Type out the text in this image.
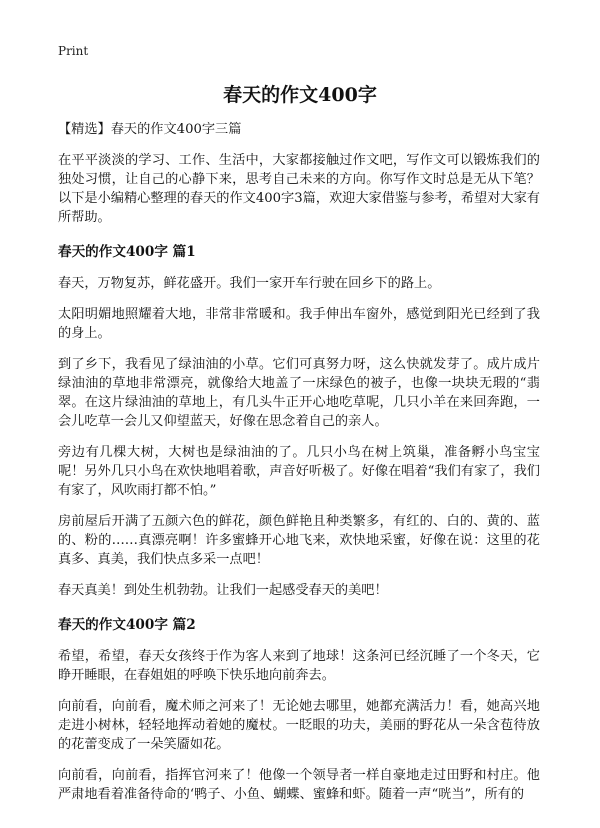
Print
春天的作文400字

【精选】春天的作文400字三篇

在平平淡淡的学习、工作、生活中，大家都接触过作文吧，写作文可以锻炼我们的独处习惯，让自己的心静下来，思考自己未来的方向。你写作文时总是无从下笔？以下是小编精心整理的春天的作文400字3篇，欢迎大家借鉴与参考，希望对大家有所帮助。

春天的作文400字 篇1

春天，万物复苏，鲜花盛开。我们一家开车行驶在回乡下的路上。

太阳明媚地照耀着大地，非常非常暖和。我手伸出车窗外，感觉到阳光已经到了我的身上。

到了乡下，我看见了绿油油的小草。它们可真努力呀，这么快就发芽了。成片成片绿油油的草地非常漂亮，就像给大地盖了一床绿色的被子，也像一块块无瑕的“翡翠。在这片绿油油的草地上，有几头牛正开心地吃草呢，几只小羊在来回奔跑，一会儿吃草一会儿又仰望蓝天，好像在思念着自己的亲人。

旁边有几棵大树，大树也是绿油油的了。几只小鸟在树上筑巢，准备孵小鸟宝宝呢！另外几只小鸟在欢快地唱着歌，声音好听极了。好像在唱着“我们有家了，我们有家了，风吹雨打都不怕。”

房前屋后开满了五颜六色的鲜花，颜色鲜艳且种类繁多，有红的、白的、黄的、蓝的、粉的……真漂亮啊！许多蜜蜂开心地飞来，欢快地采蜜，好像在说：这里的花真多、真美，我们快点多采一点吧！

春天真美！到处生机勃勃。让我们一起感受春天的美吧！

春天的作文400字 篇2

希望，希望，春天女孩终于作为客人来到了地球！这条河已经沉睡了一个冬天，它睁开睡眼，在春姐姐的呼唤下快乐地向前奔去。

向前看，向前看，魔术师之河来了！无论她去哪里，她都充满活力！看，她高兴地走进小树林，轻轻地挥动着她的魔杖。一眨眼的功夫，美丽的野花从一朵含苞待放的花蕾变成了一朵笑靥如花。

向前看，向前看，指挥官河来了！他像一个领导者一样自豪地走过田野和村庄。他严肃地看着准备待命的‘鸭子、小鱼、蝴蝶、蜜蜂和虾。随着一声“咣当”，所有的
